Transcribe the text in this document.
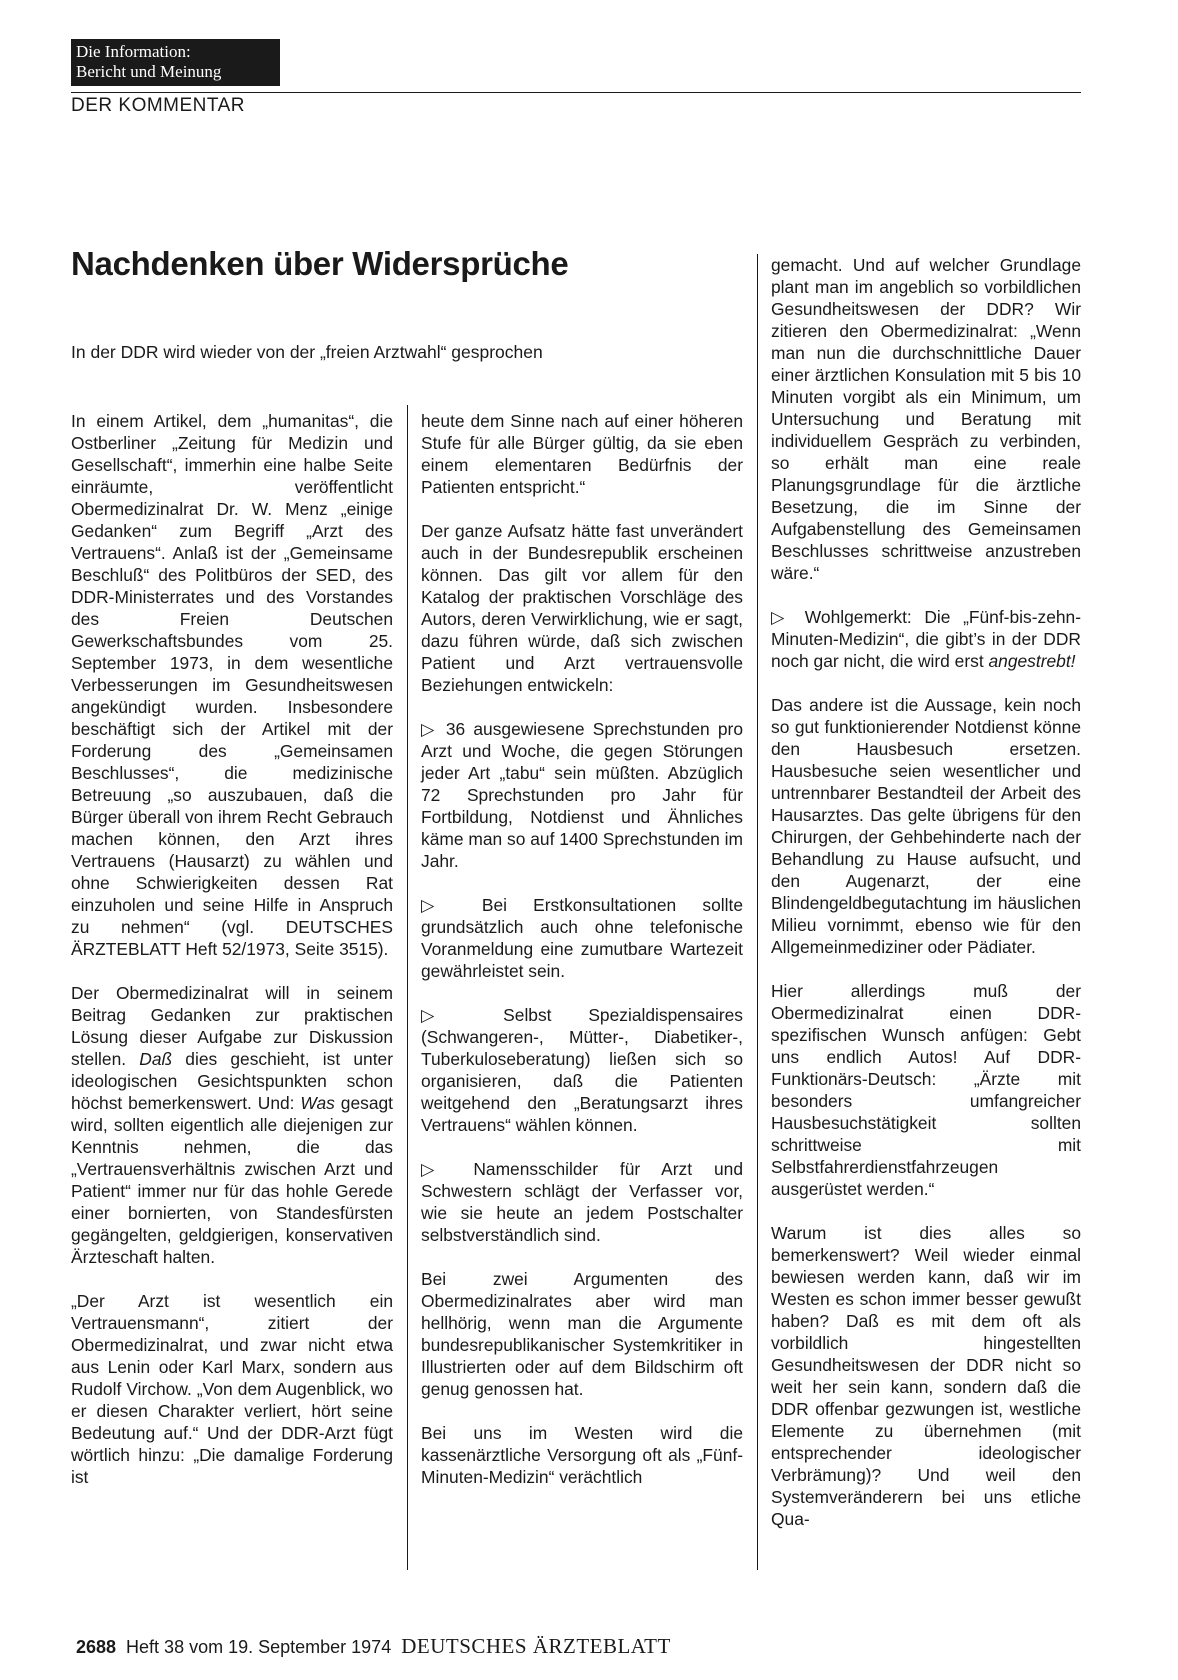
Die Information:
Bericht und Meinung
DER KOMMENTAR
Nachdenken über Widersprüche
In der DDR wird wieder von der „freien Arztwahl“ gesprochen

In einem Artikel, dem „humanitas“, die Ostberliner „Zeitung für Medizin und Gesellschaft“, immerhin eine halbe Seite einräumte, veröffentlicht Obermedizinalrat Dr. W. Menz „einige Gedanken“ zum Begriff „Arzt des Vertrauens“. Anlaß ist der „Gemeinsame Beschluß“ des Politbüros der SED, des DDR-Ministerrates und des Vorstandes des Freien Deutschen Gewerkschaftsbundes vom 25. September 1973, in dem wesentliche Verbesserungen im Gesundheitswesen angekündigt wurden. Insbesondere beschäftigt sich der Artikel mit der Forderung des „Gemeinsamen Beschlusses“, die medizinische Betreuung „so auszubauen, daß die Bürger überall von ihrem Recht Gebrauch machen können, den Arzt ihres Vertrauens (Hausarzt) zu wählen und ohne Schwierigkeiten dessen Rat einzuholen und seine Hilfe in Anspruch zu nehmen“ (vgl. DEUTSCHES ÄRZTEBLATT Heft 52/1973, Seite 3515).

Der Obermedizinalrat will in seinem Beitrag Gedanken zur praktischen Lösung dieser Aufgabe zur Diskussion stellen. Daß dies geschieht, ist unter ideologischen Gesichtspunkten schon höchst bemerkenswert. Und: Was gesagt wird, sollten eigentlich alle diejenigen zur Kenntnis nehmen, die das „Vertrauensverhältnis zwischen Arzt und Patient“ immer nur für das hohle Gerede einer bornierten, von Standesfürsten gegängelten, geldgierigen, konservativen Ärzteschaft halten.

„Der Arzt ist wesentlich ein Vertrauensmann“, zitiert der Obermedizinalrat, und zwar nicht etwa aus Lenin oder Karl Marx, sondern aus Rudolf Virchow. „Von dem Augenblick, wo er diesen Charakter verliert, hört seine Bedeutung auf.“ Und der DDR-Arzt fügt wörtlich hinzu: „Die damalige Forderung ist

heute dem Sinne nach auf einer höheren Stufe für alle Bürger gültig, da sie eben einem elementaren Bedürfnis der Patienten entspricht.“

Der ganze Aufsatz hätte fast unverändert auch in der Bundesrepublik erscheinen können. Das gilt vor allem für den Katalog der praktischen Vorschläge des Autors, deren Verwirklichung, wie er sagt, dazu führen würde, daß sich zwischen Patient und Arzt vertrauensvolle Beziehungen entwickeln:

▷ 36 ausgewiesene Sprechstunden pro Arzt und Woche, die gegen Störungen jeder Art „tabu“ sein müßten. Abzüglich 72 Sprechstunden pro Jahr für Fortbildung, Notdienst und Ähnliches käme man so auf 1400 Sprechstunden im Jahr.

▷ Bei Erstkonsultationen sollte grundsätzlich auch ohne telefonische Voranmeldung eine zumutbare Wartezeit gewährleistet sein.

▷ Selbst Spezialdispensaires (Schwangeren-, Mütter-, Diabetiker-, Tuberkuloseberatung) ließen sich so organisieren, daß die Patienten weitgehend den „Beratungsarzt ihres Vertrauens“ wählen können.

▷ Namensschilder für Arzt und Schwestern schlägt der Verfasser vor, wie sie heute an jedem Postschalter selbstverständlich sind.

Bei zwei Argumenten des Obermedizinalrates aber wird man hellhörig, wenn man die Argumente bundesrepublikanischer Systemkritiker in Illustrierten oder auf dem Bildschirm oft genug genossen hat.

Bei uns im Westen wird die kassenärztliche Versorgung oft als „Fünf-Minuten-Medizin“ verächtlich

gemacht. Und auf welcher Grundlage plant man im angeblich so vorbildlichen Gesundheitswesen der DDR? Wir zitieren den Obermedizinalrat: „Wenn man nun die durchschnittliche Dauer einer ärztlichen Konsulation mit 5 bis 10 Minuten vorgibt als ein Minimum, um Untersuchung und Beratung mit individuellem Gespräch zu verbinden, so erhält man eine reale Planungsgrundlage für die ärztliche Besetzung, die im Sinne der Aufgabenstellung des Gemeinsamen Beschlusses schrittweise anzustreben wäre.“

▷ Wohlgemerkt: Die „Fünf-bis-zehn-Minuten-Medizin“, die gibt’s in der DDR noch gar nicht, die wird erst angestrebt!

Das andere ist die Aussage, kein noch so gut funktionierender Notdienst könne den Hausbesuch ersetzen. Hausbesuche seien wesentlicher und untrennbarer Bestandteil der Arbeit des Hausarztes. Das gelte übrigens für den Chirurgen, der Gehbehinderte nach der Behandlung zu Hause aufsucht, und den Augenarzt, der eine Blindengeldbegutachtung im häuslichen Milieu vornimmt, ebenso wie für den Allgemeinmediziner oder Pädiater.

Hier allerdings muß der Obermedizinalrat einen DDR-spezifischen Wunsch anfügen: Gebt uns endlich Autos! Auf DDR-Funktionärs-Deutsch: „Ärzte mit besonders umfangreicher Hausbesuchstätigkeit sollten schrittweise mit Selbstfahrerdienstfahrzeugen ausgerüstet werden.“

Warum ist dies alles so bemerkenswert? Weil wieder einmal bewiesen werden kann, daß wir im Westen es schon immer besser gewußt haben? Daß es mit dem oft als vorbildlich hingestellten Gesundheitswesen der DDR nicht so weit her sein kann, sondern daß die DDR offenbar gezwungen ist, westliche Elemente zu übernehmen (mit entsprechender ideologischer Verbrämung)? Und weil den Systemveränderern bei uns etliche Qua-

2688 Heft 38 vom 19. September 1974 DEUTSCHES ÄRZTEBLATT
